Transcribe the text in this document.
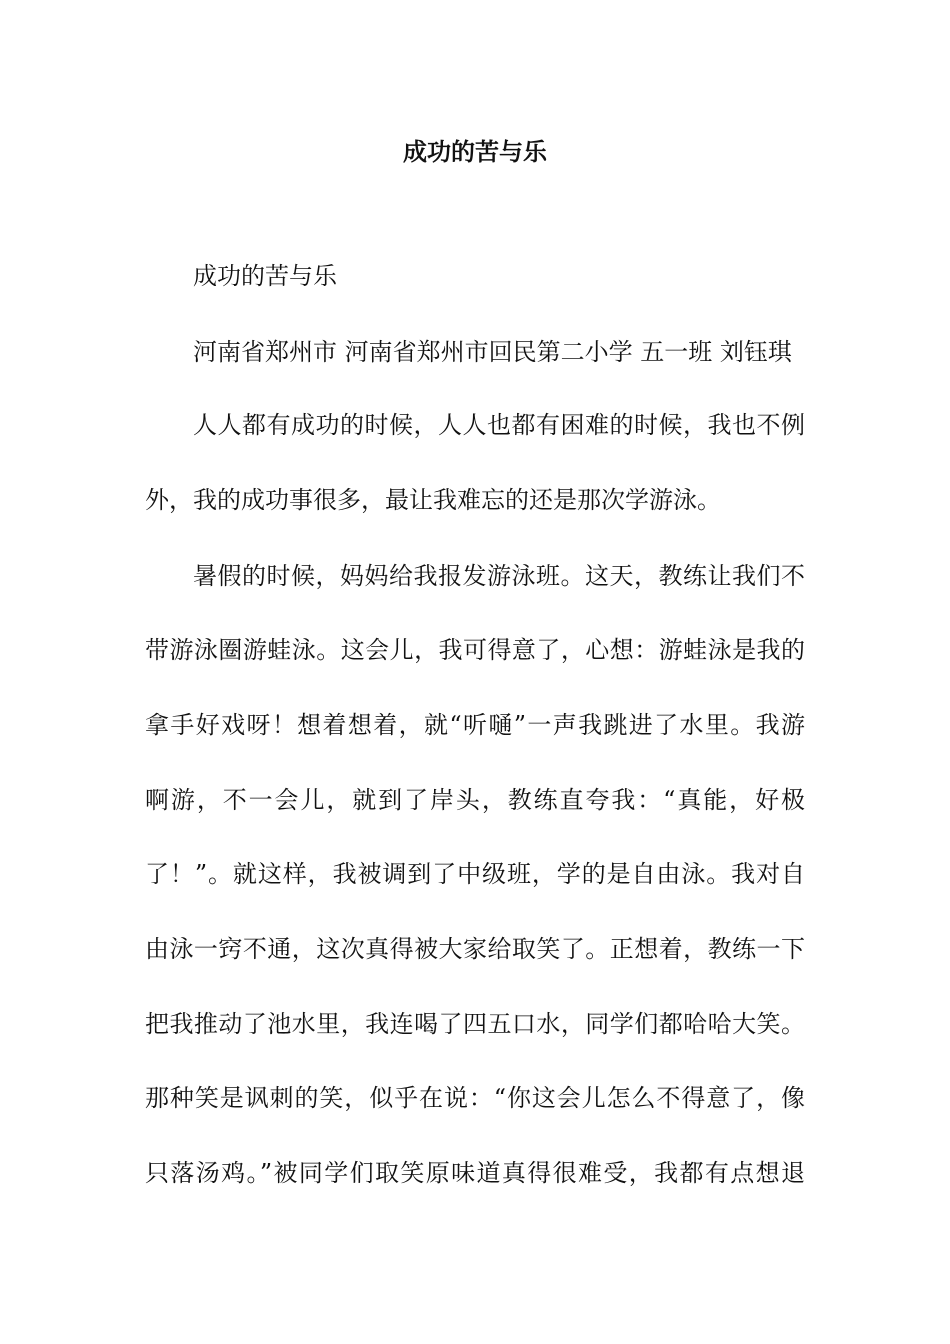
成功的苦与乐

成功的苦与乐

河南省郑州市 河南省郑州市回民第二小学 五一班 刘钰琪

人人都有成功的时候，人人也都有困难的时候，我也不例

外，我的成功事很多，最让我难忘的还是那次学游泳。

暑假的时候，妈妈给我报发游泳班。这天，教练让我们不

带游泳圈游蛙泳。这会儿，我可得意了，心想：游蛙泳是我的

拿手好戏呀！想着想着，就“听嗵”一声我跳进了水里。我游

啊游，不一会儿，就到了岸头，教练直夸我：“真能，好极

了！”。就这样，我被调到了中级班，学的是自由泳。我对自

由泳一窍不通，这次真得被大家给取笑了。正想着，教练一下

把我推动了池水里，我连喝了四五口水，同学们都哈哈大笑。

那种笑是讽刺的笑，似乎在说：“你这会儿怎么不得意了，像

只落汤鸡。”被同学们取笑原味道真得很难受，我都有点想退
